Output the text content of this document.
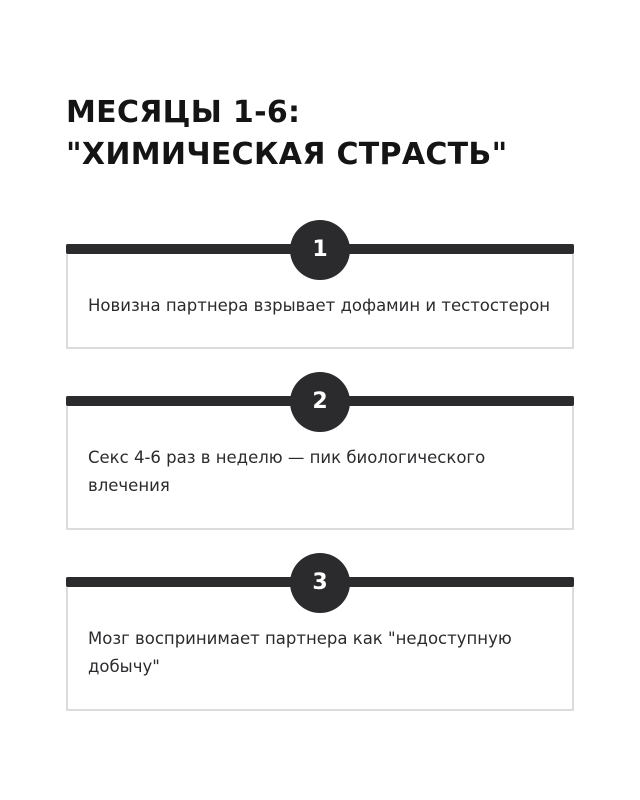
МЕСЯЦЫ 1-6:
"ХИМИЧЕСКАЯ СТРАСТЬ"
1

Новизна партнера взрывает дофамин и тестостерон

2

Секс 4-6 раз в неделю — пик биологического влечения

3

Мозг воспринимает партнера как "недоступную добычу"
